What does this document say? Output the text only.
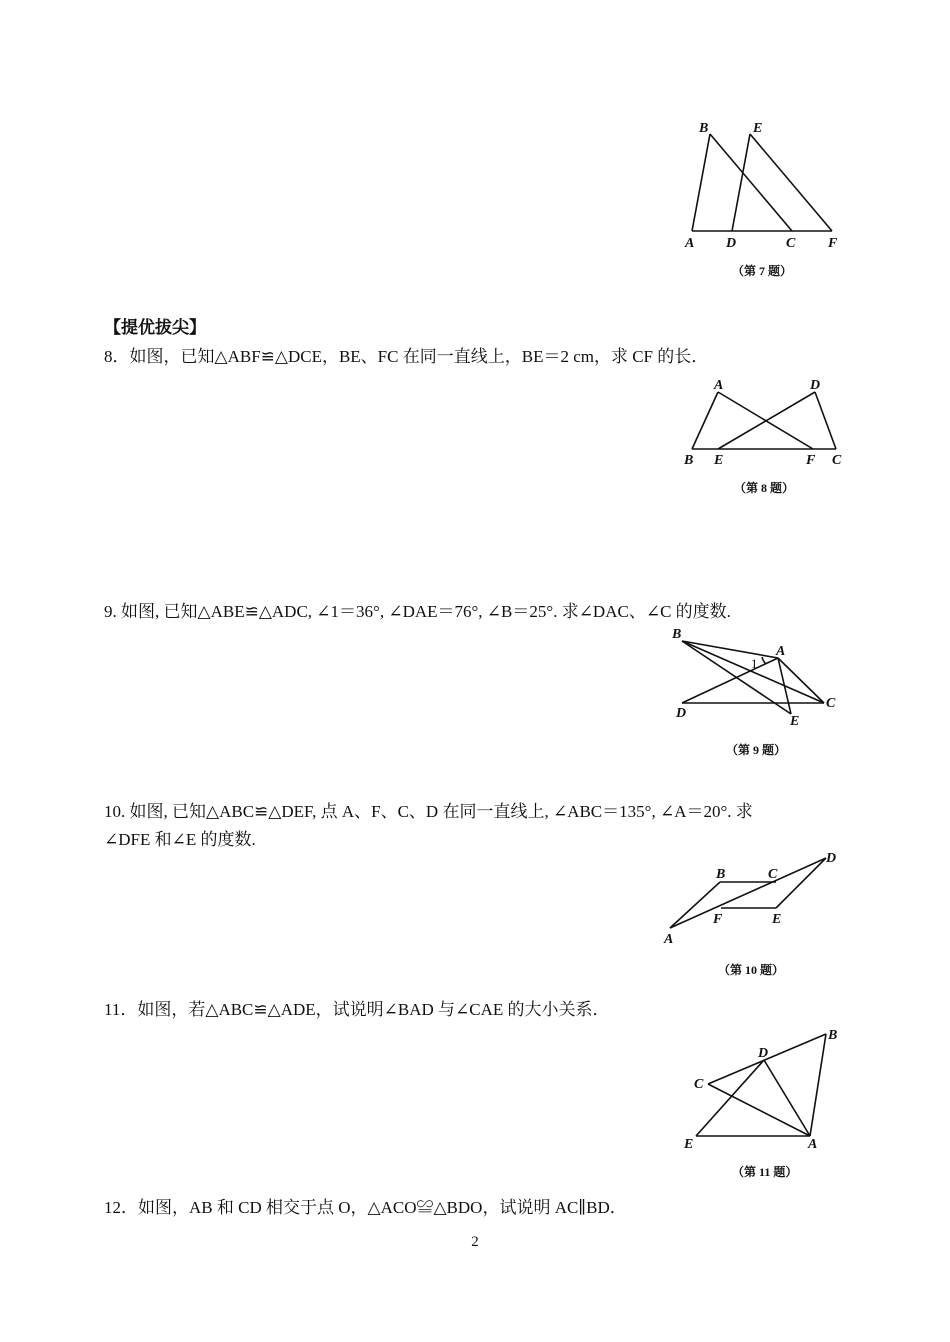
B	E
A D	C F
（第 7 题）
【提优拔尖】
8．如图，已知△ABF≌△DCE，BE、FC 在同一直线上，BE＝2 cm，求 CF 的长．
A	D
B E	F C
（第 8 题）
9. 如图, 已知△ABE≌△ADC, ∠1＝36°, ∠DAE＝76°, ∠B＝25°. 求∠DAC、∠C 的度数.
B
A
1
C
D
E
（第 9 题）
10. 如图, 已知△ABC≌△DEF, 点 A、F、C、D 在同一直线上, ∠ABC＝135°, ∠A＝20°. 求
∠DFE 和∠E 的度数.
B	C
D
F	E
A
（第 10 题）
11．如图，若△ABC≌△ADE，试说明∠BAD 与∠CAE 的大小关系．
B
D
C
E	A
（第 11 题）
12．如图，AB 和 CD 相交于点 O，△ACO≌△BDO，试说明 AC∥BD．
2
